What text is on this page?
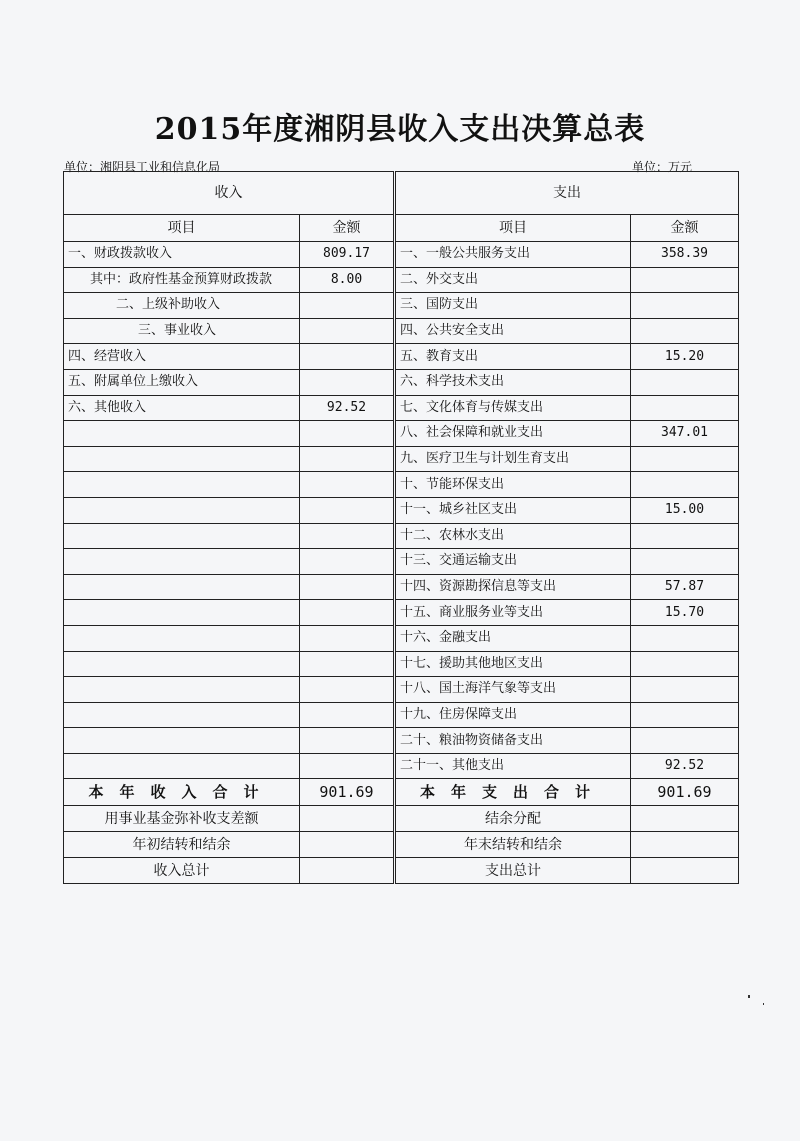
2015年度湘阴县收入支出决算总表
单位：湘阴县工业和信息化局	单位：万元
收入		支出	
项目	金额	项目	金额
一、财政拨款收入	809.17	一、一般公共服务支出	358.39
其中：政府性基金预算财政拨款	8.00	二、外交支出	
二、上级补助收入		三、国防支出	
三、事业收入		四、公共安全支出	
四、经营收入		五、教育支出	15.20
五、附属单位上缴收入		六、科学技术支出	
六、其他收入	92.52	七、文化体育与传媒支出	
		八、社会保障和就业支出	347.01
		九、医疗卫生与计划生育支出	
		十、节能环保支出	
		十一、城乡社区支出	15.00
		十二、农林水支出	
		十三、交通运输支出	
		十四、资源勘探信息等支出	57.87
		十五、商业服务业等支出	15.70
		十六、金融支出	
		十七、援助其他地区支出	
		十八、国土海洋气象等支出	
		十九、住房保障支出	
		二十、粮油物资储备支出	
		二十一、其他支出	92.52
本年收入合计	901.69	本年支出合计	901.69
用事业基金弥补收支差额		结余分配	
年初结转和结余		年末结转和结余	
收入总计		支出总计	
